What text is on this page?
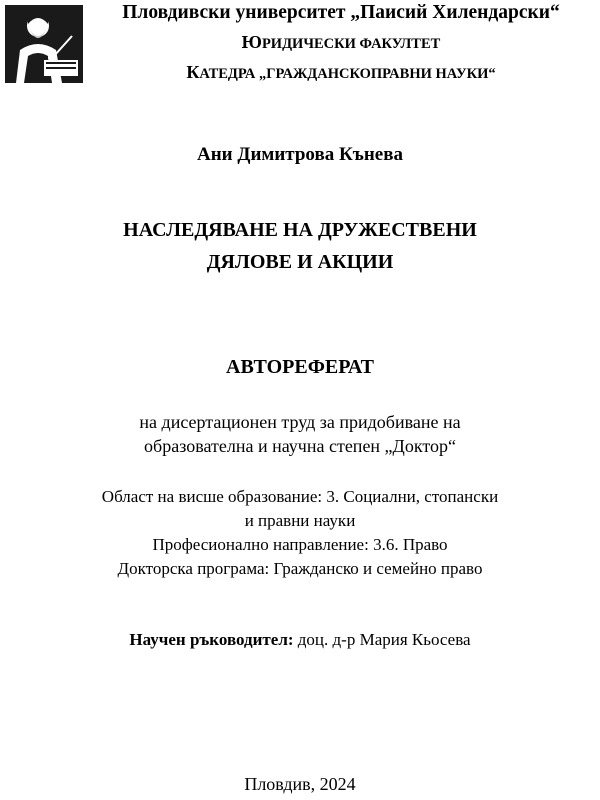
Пловдивски университет „Паисий Хилендарски“
ЮРИДИЧЕСКИ ФАКУЛТЕТ
КАТЕДРА „ГРАЖДАНСКОПРАВНИ НАУКИ“
Ани Димитрова Кънева
НАСЛЕДЯВАНЕ НА ДРУЖЕСТВЕНИ
ДЯЛОВЕ И АКЦИИ
АВТОРЕФЕРАТ
на дисертационен труд за придобиване на
образователна и научна степен „Доктор“
Област на висше образование: 3. Социални, стопански
и правни науки
Професионално направление: 3.6. Право
Докторска програма: Гражданско и семейно право
Научен ръководител: доц. д-р Мария Кьосева
Пловдив, 2024
